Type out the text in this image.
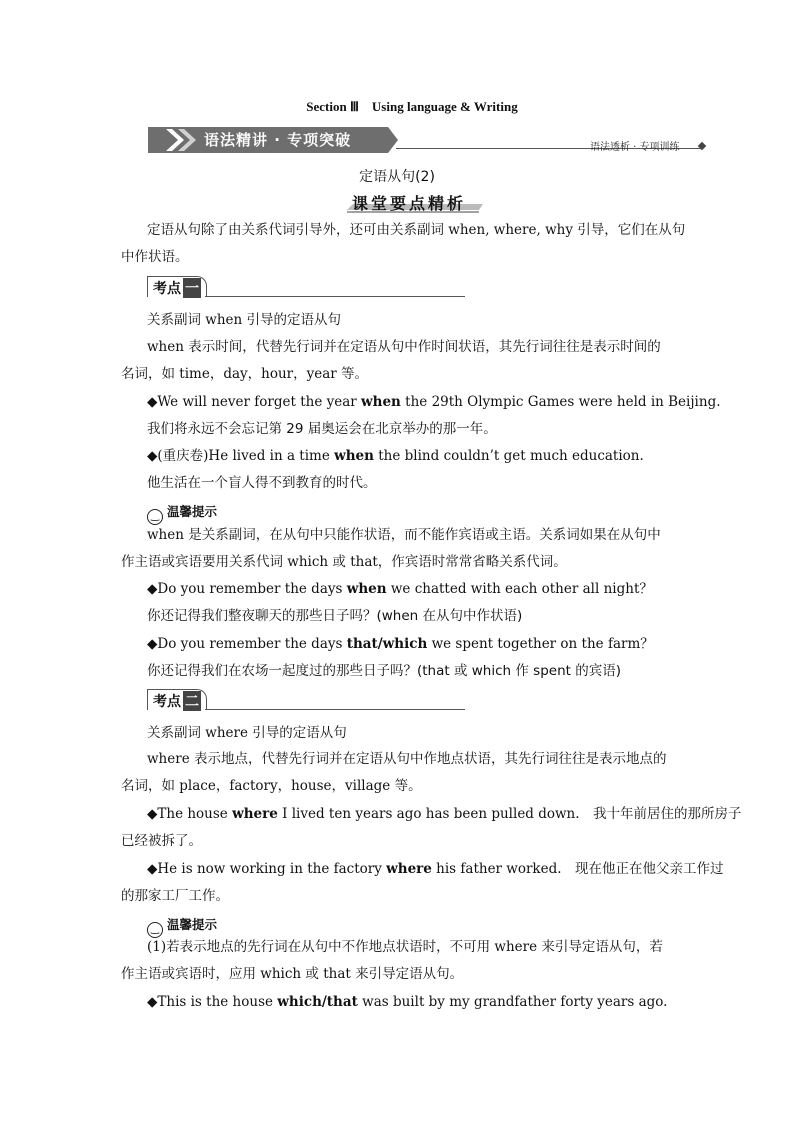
Section Ⅲ　Using language & Writing
语法精讲 · 专项突破	语法透析 · 专项训练
定语从句(2)
课堂要点精析
定语从句除了由关系代词引导外，还可由关系副词 when, where, why 引导，它们在从句
中作状语。
考点 一
关系副词 when 引导的定语从句
when 表示时间，代替先行词并在定语从句中作时间状语，其先行词往往是表示时间的
名词，如 time，day，hour，year 等。
◆We will never forget the year when the 29th Olympic Games were held in Beijing.
我们将永远不会忘记第 29 届奥运会在北京举办的那一年。
◆(重庆卷)He lived in a time when the blind couldn’t get much education.
他生活在一个盲人得不到教育的时代。
‿ 温馨提示
when 是关系副词，在从句中只能作状语，而不能作宾语或主语。关系词如果在从句中
作主语或宾语要用关系代词 which 或 that，作宾语时常常省略关系代词。
◆Do you remember the days when we chatted with each other all night？
你还记得我们整夜聊天的那些日子吗？(when 在从句中作状语)
◆Do you remember the days that/which we spent together on the farm？
你还记得我们在农场一起度过的那些日子吗？(that 或 which 作 spent 的宾语)
考点 二
关系副词 where 引导的定语从句
where 表示地点，代替先行词并在定语从句中作地点状语，其先行词往往是表示地点的
名词，如 place，factory，house，village 等。
◆The house where I lived ten years ago has been pulled down.　我十年前居住的那所房子
已经被拆了。
◆He is now working in the factory where his father worked.　现在他正在他父亲工作过
的那家工厂工作。
‿ 温馨提示
(1)若表示地点的先行词在从句中不作地点状语时，不可用 where 来引导定语从句，若
作主语或宾语时，应用 which 或 that 来引导定语从句。
◆This is the house which/that was built by my grandfather forty years ago.
